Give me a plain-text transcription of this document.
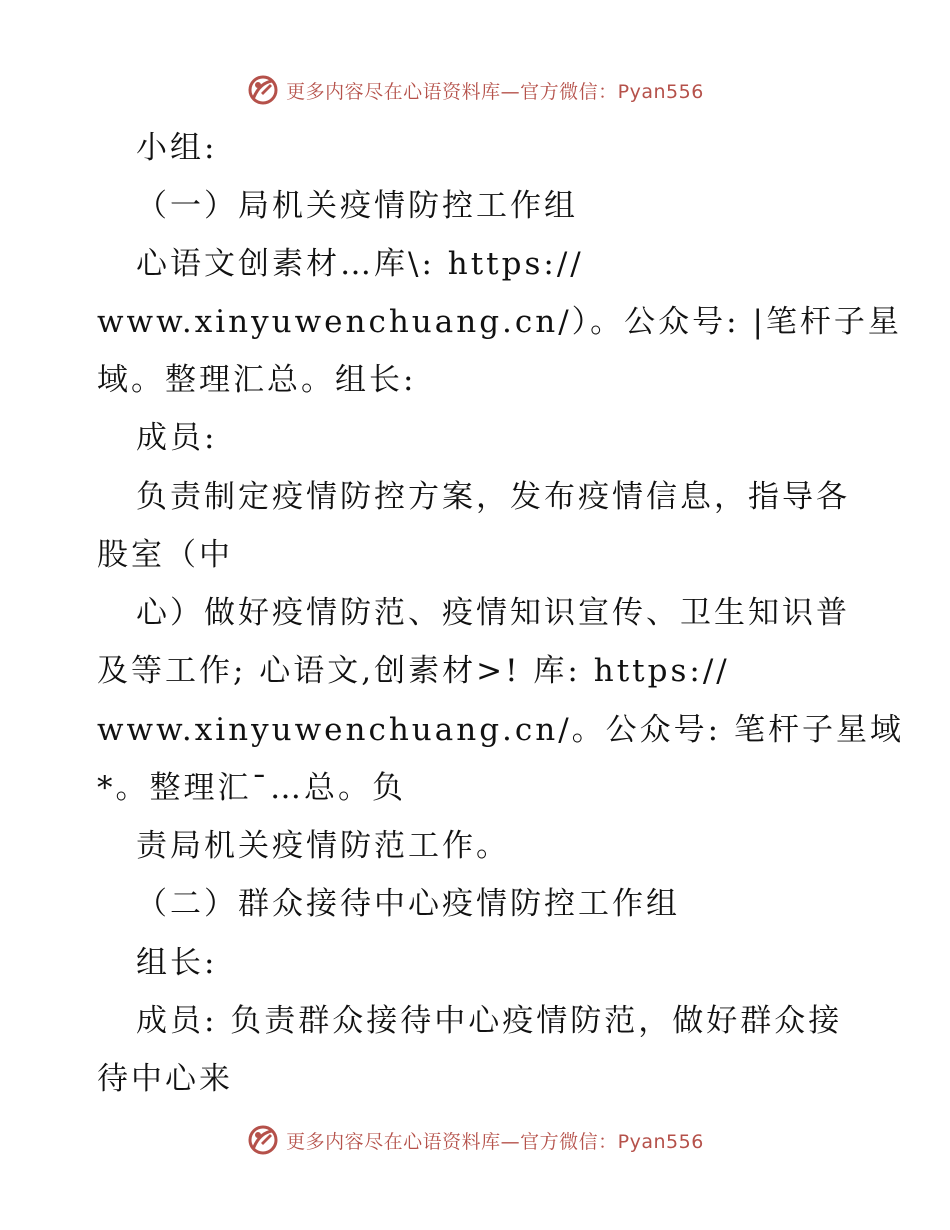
更多内容尽在心语资料库—官方微信：Pyan556
小组:
（一）局机关疫情防控工作组
心语文创素材…库\: https://
www.xinyuwenchuang.cn/）。公众号: |笔杆子星
域。整理汇总。组长:
成员:
负责制定疫情防控方案，发布疫情信息，指导各
股室（中
心）做好疫情防范、疫情知识宣传、卫生知识普
及等工作; 心语文,创素材>! 库: https://
www.xinyuwenchuang.cn/。公众号: 笔杆子星域
*。整理汇¯…总。负
责局机关疫情防范工作。
（二）群众接待中心疫情防控工作组
组长:
成员: 负责群众接待中心疫情防范，做好群众接
待中心来
更多内容尽在心语资料库—官方微信：Pyan556
